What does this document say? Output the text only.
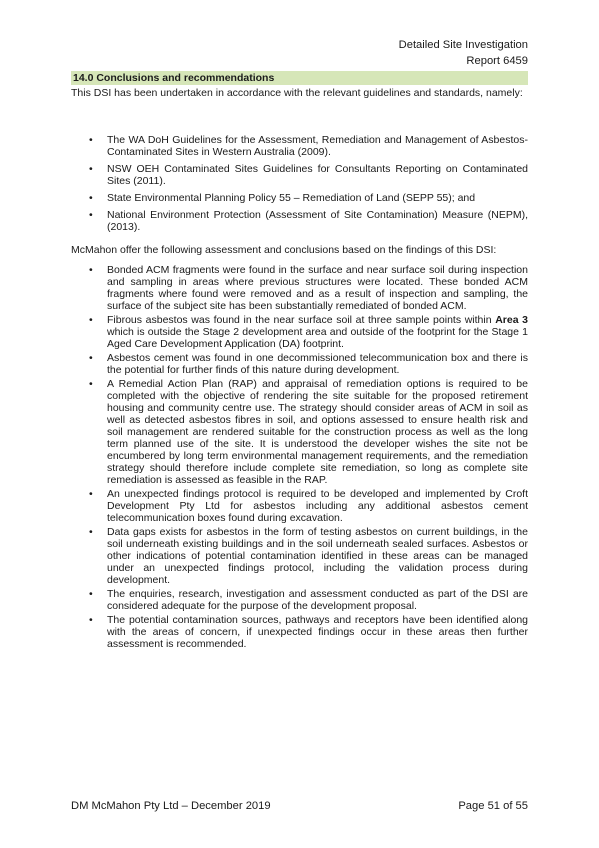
Detailed Site Investigation
Report 6459
14.0 Conclusions and recommendations
This DSI has been undertaken in accordance with the relevant guidelines and standards, namely:
• The WA DoH Guidelines for the Assessment, Remediation and Management of Asbestos-Contaminated Sites in Western Australia (2009).
• NSW OEH Contaminated Sites Guidelines for Consultants Reporting on Contaminated Sites (2011).
• State Environmental Planning Policy 55 – Remediation of Land (SEPP 55); and
• National Environment Protection (Assessment of Site Contamination) Measure (NEPM), (2013).
McMahon offer the following assessment and conclusions based on the findings of this DSI:
• Bonded ACM fragments were found in the surface and near surface soil during inspection and sampling in areas where previous structures were located. These bonded ACM fragments where found were removed and as a result of inspection and sampling, the surface of the subject site has been substantially remediated of bonded ACM.
• Fibrous asbestos was found in the near surface soil at three sample points within Area 3 which is outside the Stage 2 development area and outside of the footprint for the Stage 1 Aged Care Development Application (DA) footprint.
• Asbestos cement was found in one decommissioned telecommunication box and there is the potential for further finds of this nature during development.
• A Remedial Action Plan (RAP) and appraisal of remediation options is required to be completed with the objective of rendering the site suitable for the proposed retirement housing and community centre use. The strategy should consider areas of ACM in soil as well as detected asbestos fibres in soil, and options assessed to ensure health risk and soil management are rendered suitable for the construction process as well as the long term planned use of the site. It is understood the developer wishes the site not be encumbered by long term environmental management requirements, and the remediation strategy should therefore include complete site remediation, so long as complete site remediation is assessed as feasible in the RAP.
• An unexpected findings protocol is required to be developed and implemented by Croft Development Pty Ltd for asbestos including any additional asbestos cement telecommunication boxes found during excavation.
• Data gaps exists for asbestos in the form of testing asbestos on current buildings, in the soil underneath existing buildings and in the soil underneath sealed surfaces. Asbestos or other indications of potential contamination identified in these areas can be managed under an unexpected findings protocol, including the validation process during development.
• The enquiries, research, investigation and assessment conducted as part of the DSI are considered adequate for the purpose of the development proposal.
• The potential contamination sources, pathways and receptors have been identified along with the areas of concern, if unexpected findings occur in these areas then further assessment is recommended.
DM McMahon Pty Ltd – December 2019	Page 51 of 55
